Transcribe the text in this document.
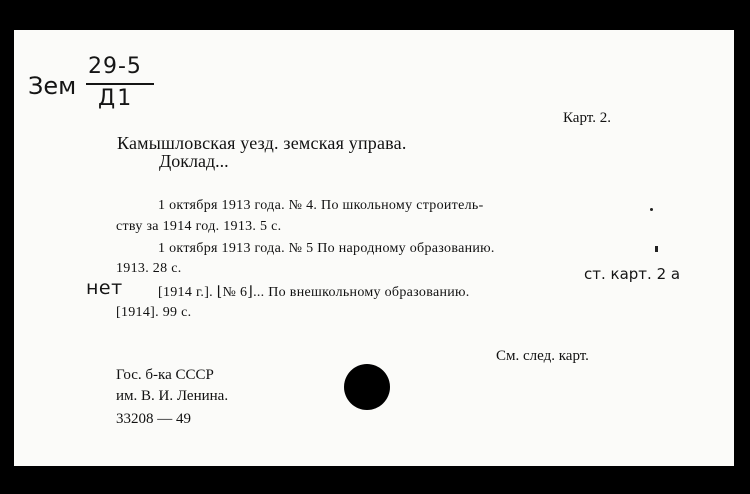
Зем
29-5
Д1
Карт. 2.
Камышловская уезд. земская управа.
Доклад...
1 октября 1913 года. № 4. По школьному строитель-
ству за 1914 год. 1913. 5 с.
1 октября 1913 года. № 5 По народному образованию.
1913. 28 с.
[1914 г.]. ⌊№ 6⌋... По внешкольному образованию.
[1914]. 99 с.
нет
ст. карт. 2 а
См. след. карт.
Гос. б-ка СССР
им. В. И. Ленина.
33208 — 49
